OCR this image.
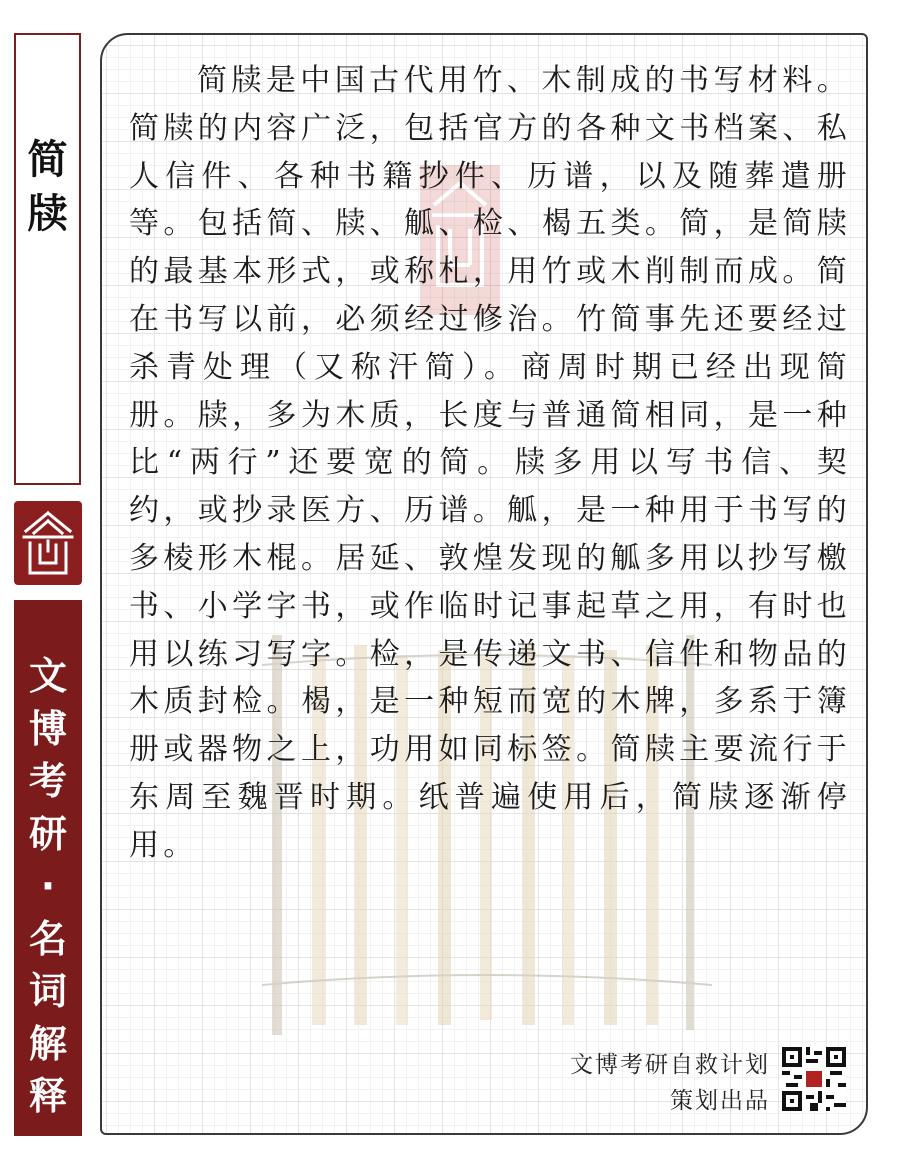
简
牍
文
博
考
研
·
名
词
解
释

简牍是中国古代用竹、木制成的书写材料。简牍的内容广泛，包括官方的各种文书档案、私人信件、各种书籍抄件、历谱，以及随葬遣册等。包括简、牍、觚、检、楬五类。简，是简牍的最基本形式，或称札，用竹或木削制而成。简在书写以前，必须经过修治。竹简事先还要经过杀青处理（又称汗简）。商周时期已经出现简册。牍，多为木质，长度与普通简相同，是一种比“两行”还要宽的简。牍多用以写书信、契约，或抄录医方、历谱。觚，是一种用于书写的多棱形木棍。居延、敦煌发现的觚多用以抄写檄书、小学字书，或作临时记事起草之用，有时也用以练习写字。检，是传递文书、信件和物品的木质封检。楬，是一种短而宽的木牌，多系于簿册或器物之上，功用如同标签。简牍主要流行于东周至魏晋时期。纸普遍使用后，简牍逐渐停用。

文博考研自救计划
策划出品
